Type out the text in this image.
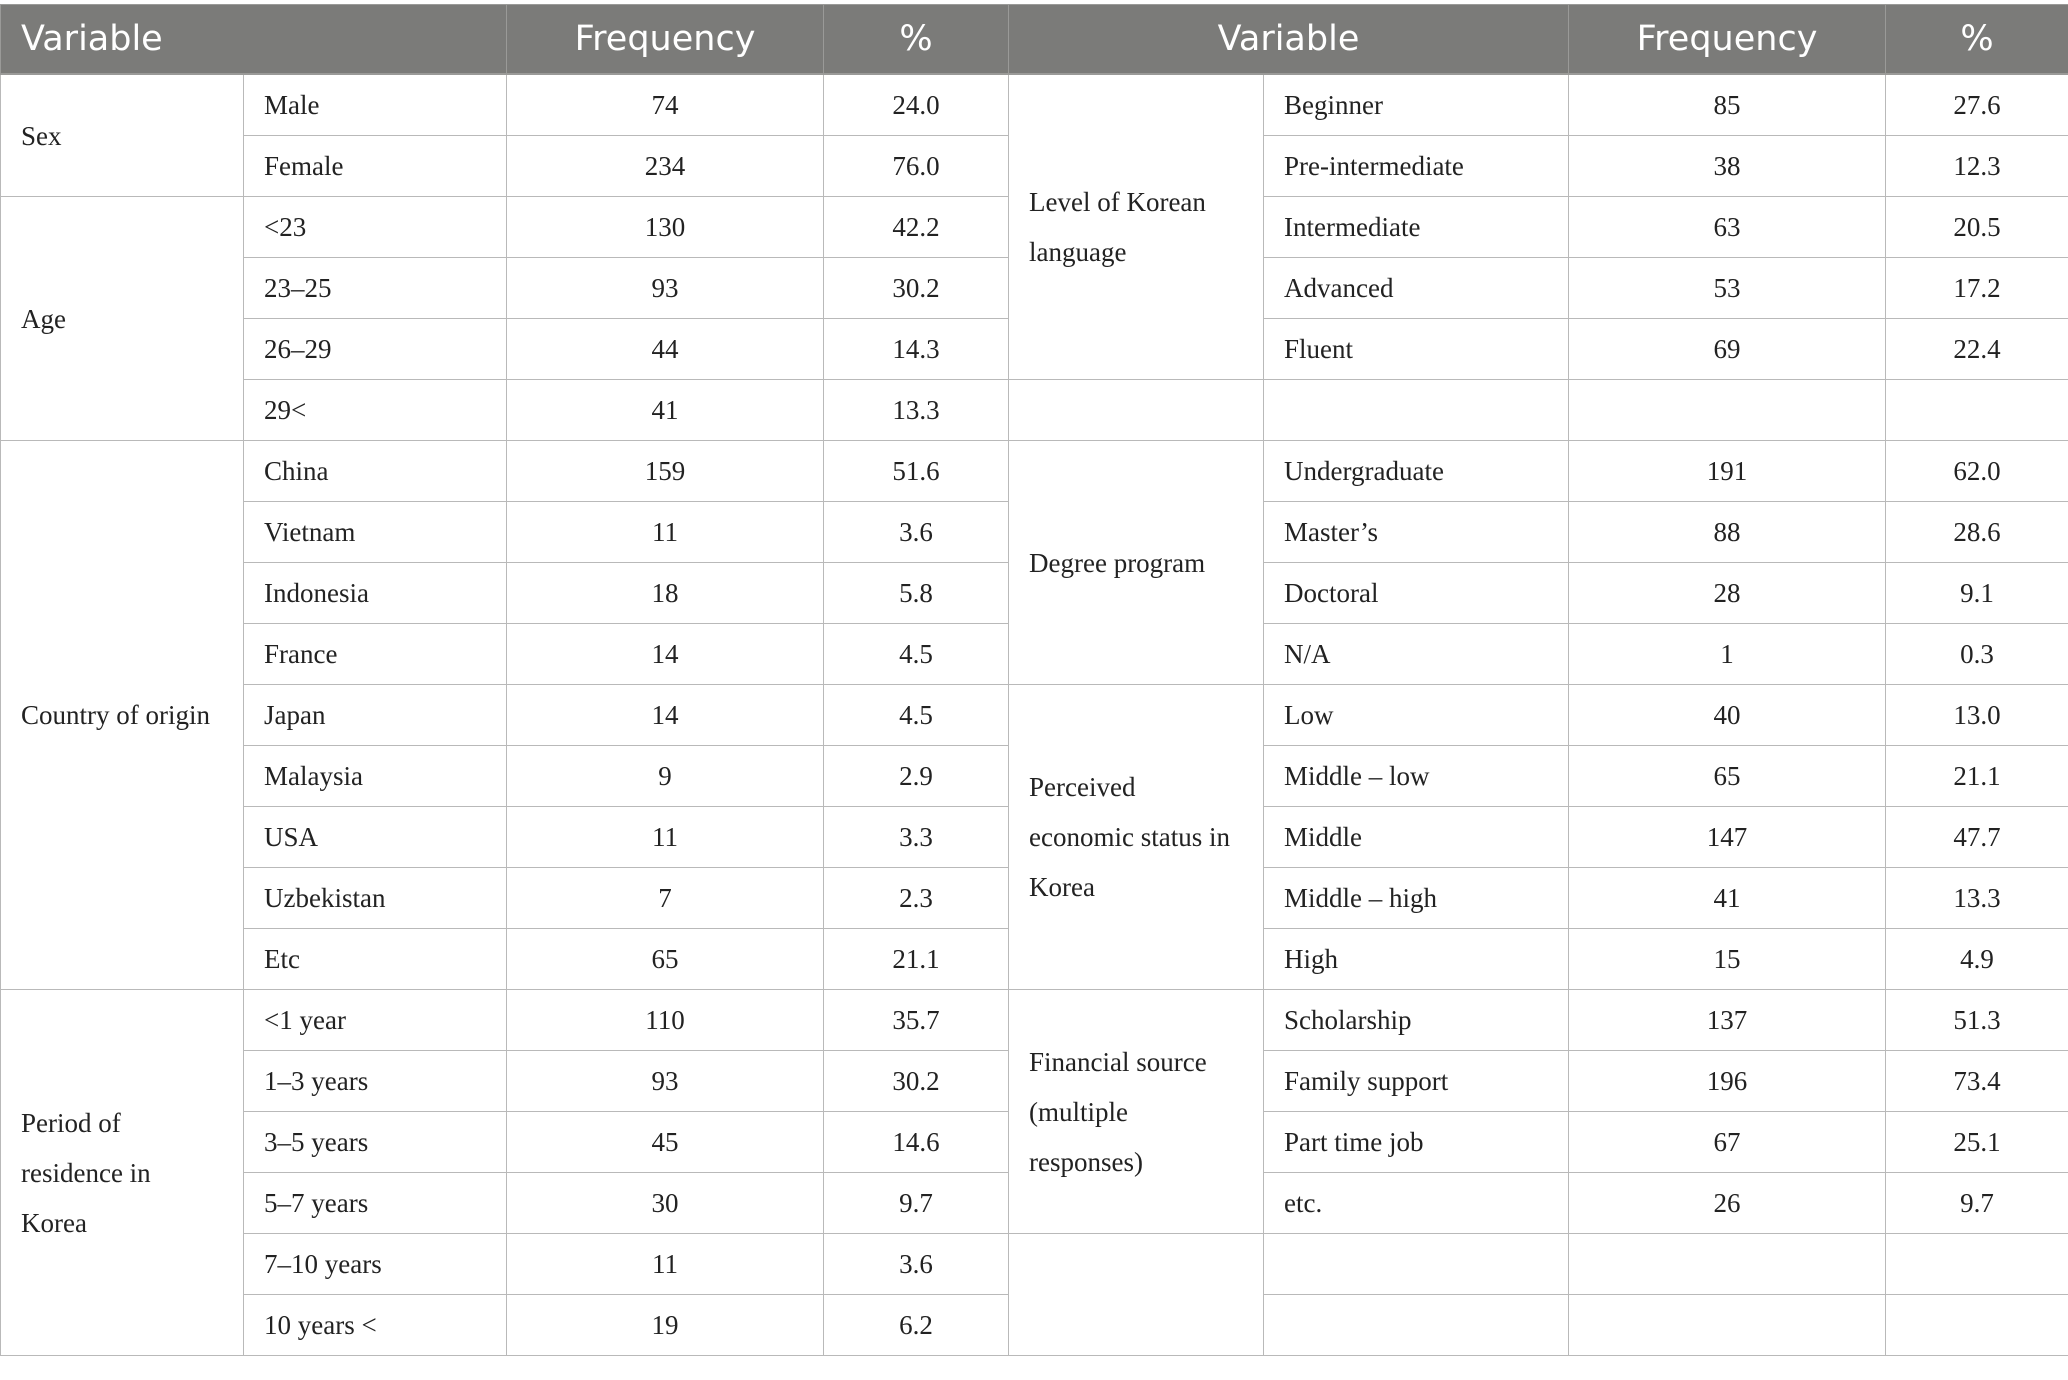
Variable		Frequency	%	Variable		Frequency	%
Sex	Male	74	24.0	Level of Korean language	Beginner	85	27.6
	Female	234	76.0		Pre-intermediate	38	12.3
Age	<23	130	42.2		Intermediate	63	20.5
	23–25	93	30.2		Advanced	53	17.2
	26–29	44	14.3		Fluent	69	22.4
	29<	41	13.3				
Country of origin	China	159	51.6	Degree program	Undergraduate	191	62.0
	Vietnam	11	3.6		Master’s	88	28.6
	Indonesia	18	5.8		Doctoral	28	9.1
	France	14	4.5		N/A	1	0.3
	Japan	14	4.5	Perceived economic status in Korea	Low	40	13.0
	Malaysia	9	2.9		Middle – low	65	21.1
	USA	11	3.3		Middle	147	47.7
	Uzbekistan	7	2.3		Middle – high	41	13.3
	Etc	65	21.1		High	15	4.9
Period of residence in Korea	<1 year	110	35.7	Financial source (multiple responses)	Scholarship	137	51.3
	1–3 years	93	30.2		Family support	196	73.4
	3–5 years	45	14.6		Part time job	67	25.1
	5–7 years	30	9.7		etc.	26	9.7
	7–10 years	11	3.6				
	10 years <	19	6.2				
